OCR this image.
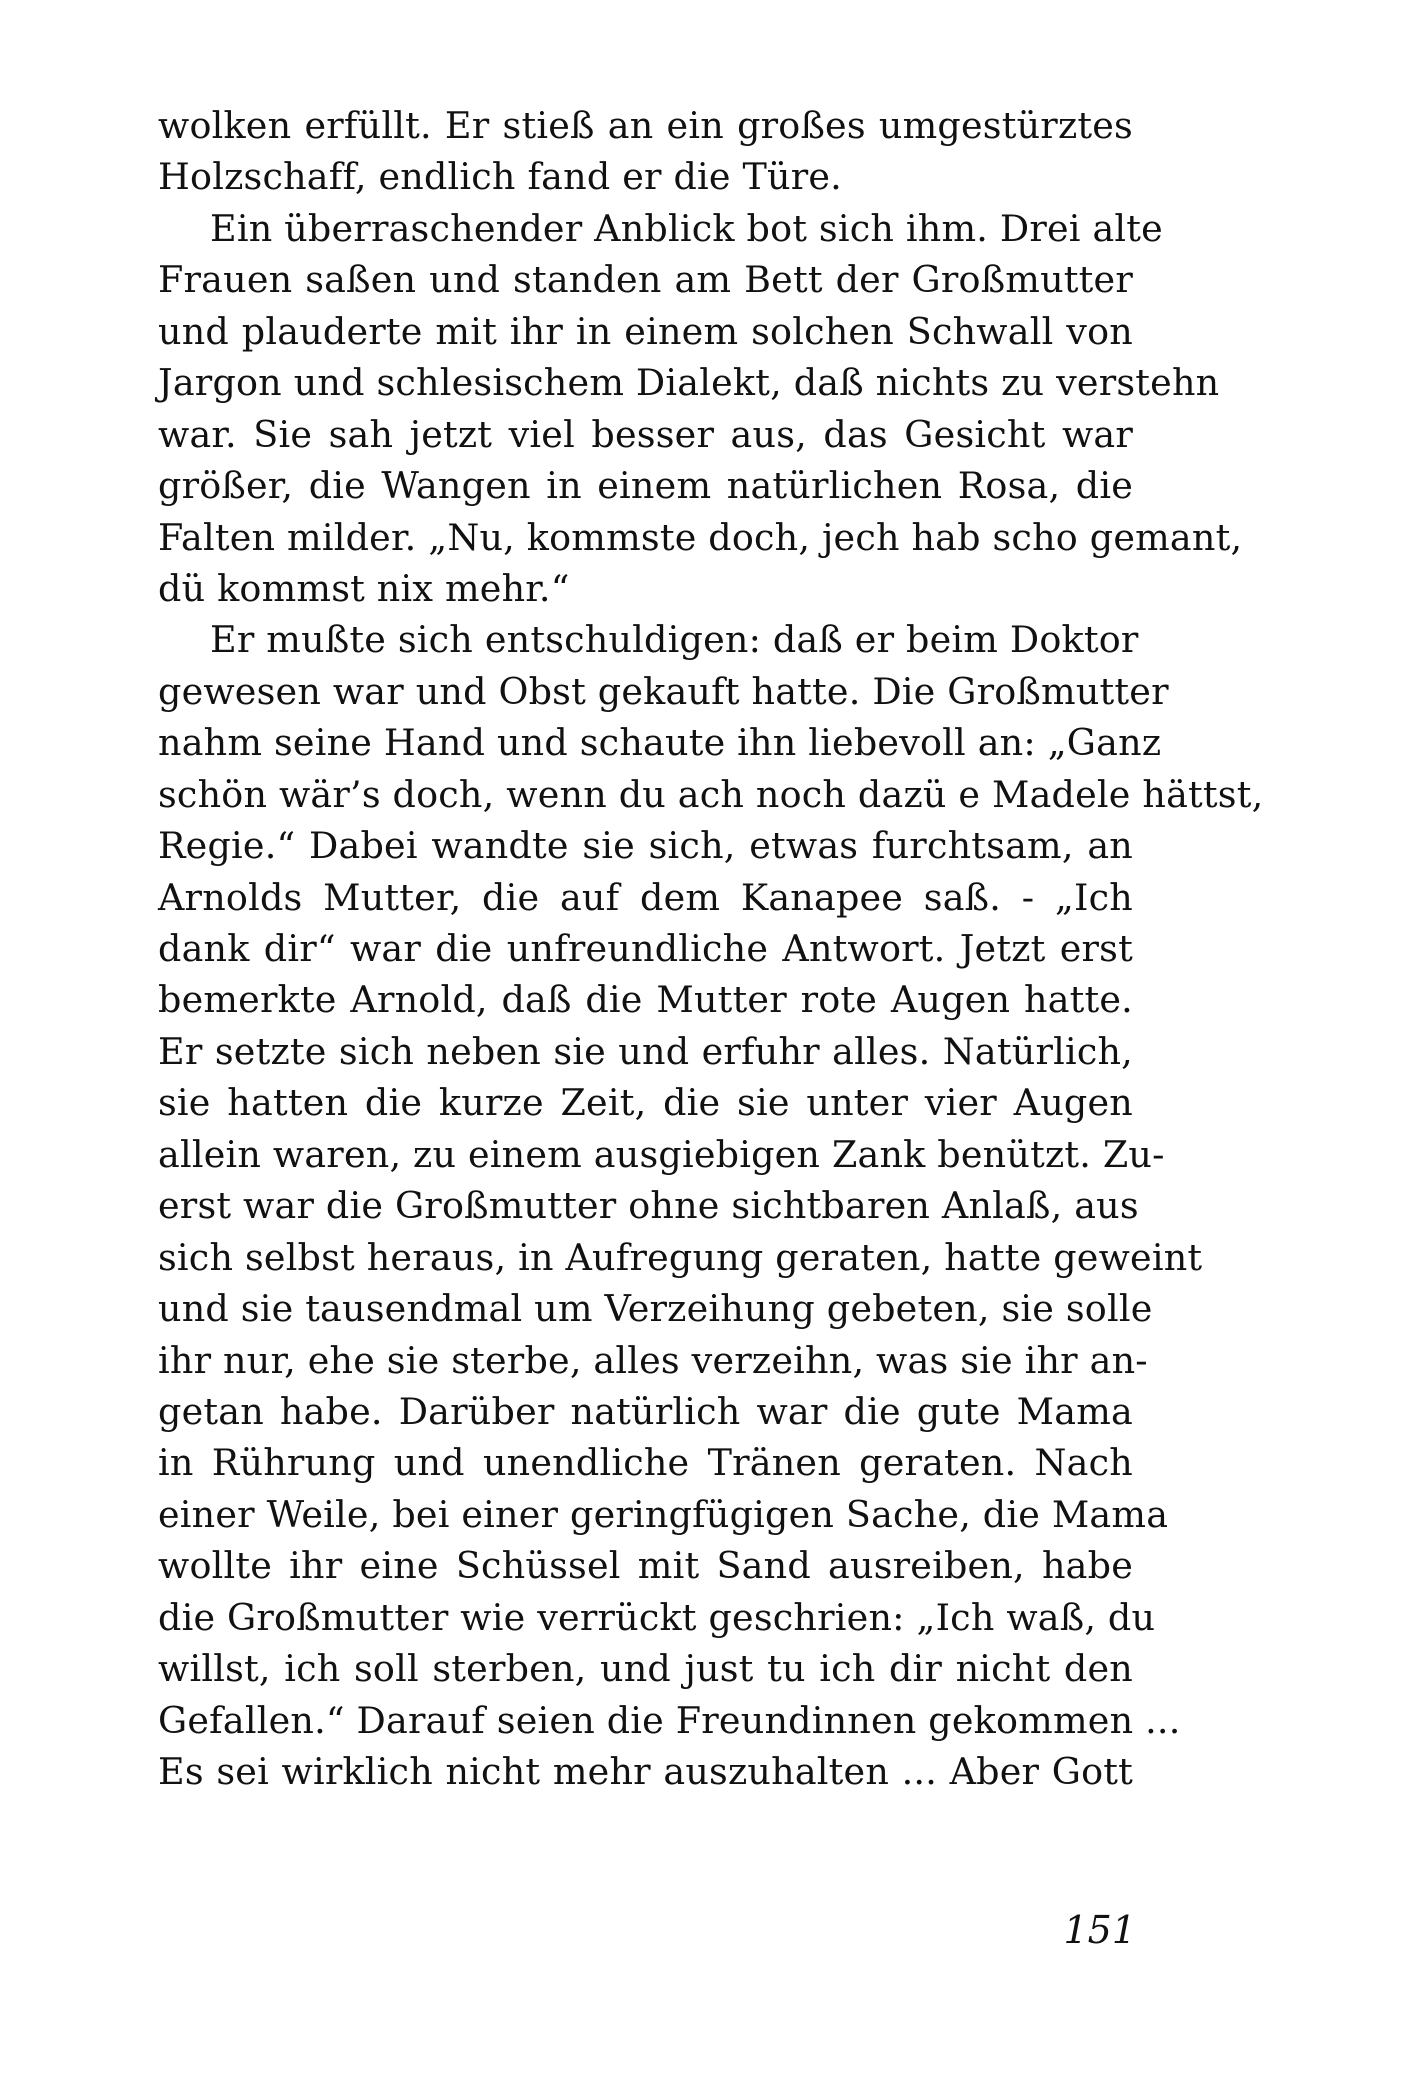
wolken erfüllt. Er stieß an ein großes umgestürztes
Holzschaff, endlich fand er die Türe.
Ein überraschender Anblick bot sich ihm. Drei alte
Frauen saßen und standen am Bett der Großmutter
und plauderte mit ihr in einem solchen Schwall von
Jargon und schlesischem Dialekt, daß nichts zu verstehn
war. Sie sah jetzt viel besser aus, das Gesicht war
größer, die Wangen in einem natürlichen Rosa, die
Falten milder. „Nu, kommste doch, jech hab scho gemant,
dü kommst nix mehr.“
Er mußte sich entschuldigen: daß er beim Doktor
gewesen war und Obst gekauft hatte. Die Großmutter
nahm seine Hand und schaute ihn liebevoll an: „Ganz
schön wär’s doch, wenn du ach noch dazü e Madele hättst,
Regie.“ Dabei wandte sie sich, etwas furchtsam, an
Arnolds Mutter, die auf dem Kanapee saß. - „Ich
dank dir“ war die unfreundliche Antwort. Jetzt erst
bemerkte Arnold, daß die Mutter rote Augen hatte.
Er setzte sich neben sie und erfuhr alles. Natürlich,
sie hatten die kurze Zeit, die sie unter vier Augen
allein waren, zu einem ausgiebigen Zank benützt. Zu-
erst war die Großmutter ohne sichtbaren Anlaß, aus
sich selbst heraus, in Aufregung geraten, hatte geweint
und sie tausendmal um Verzeihung gebeten, sie solle
ihr nur, ehe sie sterbe, alles verzeihn, was sie ihr an-
getan habe. Darüber natürlich war die gute Mama
in Rührung und unendliche Tränen geraten. Nach
einer Weile, bei einer geringfügigen Sache, die Mama
wollte ihr eine Schüssel mit Sand ausreiben, habe
die Großmutter wie verrückt geschrien: „Ich waß, du
willst, ich soll sterben, und just tu ich dir nicht den
Gefallen.“ Darauf seien die Freundinnen gekommen ...
Es sei wirklich nicht mehr auszuhalten ... Aber Gott
151
